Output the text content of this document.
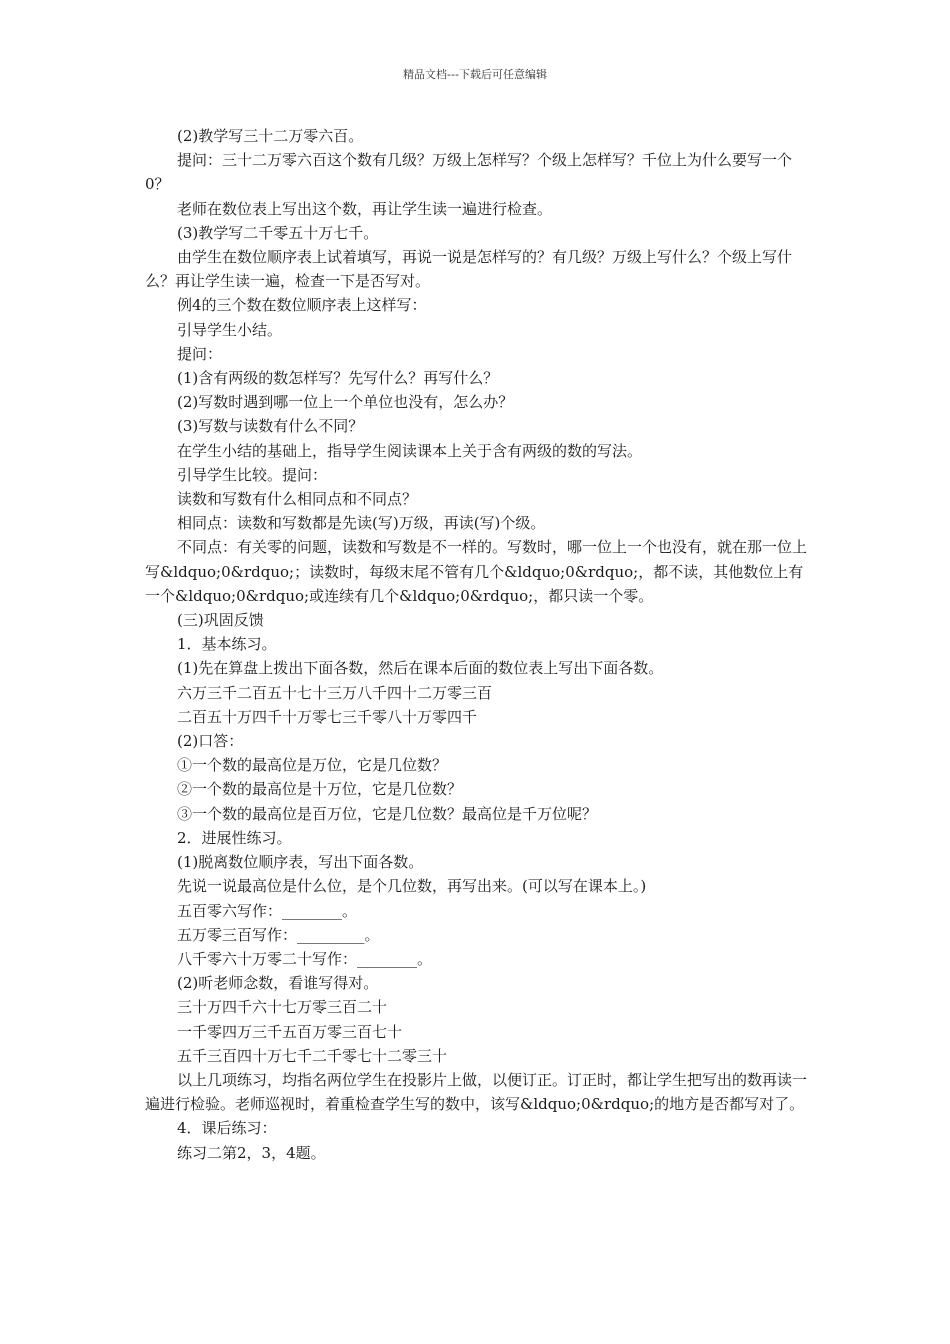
精品文档---下载后可任意编辑

(2)教学写三十二万零六百。

提问：三十二万零六百这个数有几级？万级上怎样写？个级上怎样写？千位上为什么要写一个0？

老师在数位表上写出这个数，再让学生读一遍进行检查。

(3)教学写二千零五十万七千。

由学生在数位顺序表上试着填写，再说一说是怎样写的？有几级？万级上写什么？个级上写什么？再让学生读一遍，检查一下是否写对。

例4的三个数在数位顺序表上这样写：

引导学生小结。

提问：

(1)含有两级的数怎样写？先写什么？再写什么？

(2)写数时遇到哪一位上一个单位也没有，怎么办？

(3)写数与读数有什么不同？

在学生小结的基础上，指导学生阅读课本上关于含有两级的数的写法。

引导学生比较。提问：

读数和写数有什么相同点和不同点？

相同点：读数和写数都是先读(写)万级，再读(写)个级。

不同点：有关零的问题，读数和写数是不一样的。写数时，哪一位上一个也没有，就在那一位上写&ldquo;0&rdquo;；读数时，每级末尾不管有几个&ldquo;0&rdquo;，都不读，其他数位上有一个&ldquo;0&rdquo;或连续有几个&ldquo;0&rdquo;，都只读一个零。

(三)巩固反馈

1．基本练习。

(1)先在算盘上拨出下面各数，然后在课本后面的数位表上写出下面各数。

六万三千二百五十七十三万八千四十二万零三百

二百五十万四千十万零七三千零八十万零四千

(2)口答：

①一个数的最高位是万位，它是几位数？

②一个数的最高位是十万位，它是几位数？

③一个数的最高位是百万位，它是几位数？最高位是千万位呢？

2．进展性练习。

(1)脱离数位顺序表，写出下面各数。

先说一说最高位是什么位，是个几位数，再写出来。(可以写在课本上。)

五百零六写作：________。

五万零三百写作：_________。

八千零六十万零二十写作：________。

(2)听老师念数，看谁写得对。

三十万四千六十七万零三百二十

一千零四万三千五百万零三百七十

五千三百四十万七千二千零七十二零三十

以上几项练习，均指名两位学生在投影片上做，以便订正。订正时，都让学生把写出的数再读一遍进行检验。老师巡视时，着重检查学生写的数中，该写&ldquo;0&rdquo;的地方是否都写对了。

4．课后练习：

练习二第2，3，4题。
